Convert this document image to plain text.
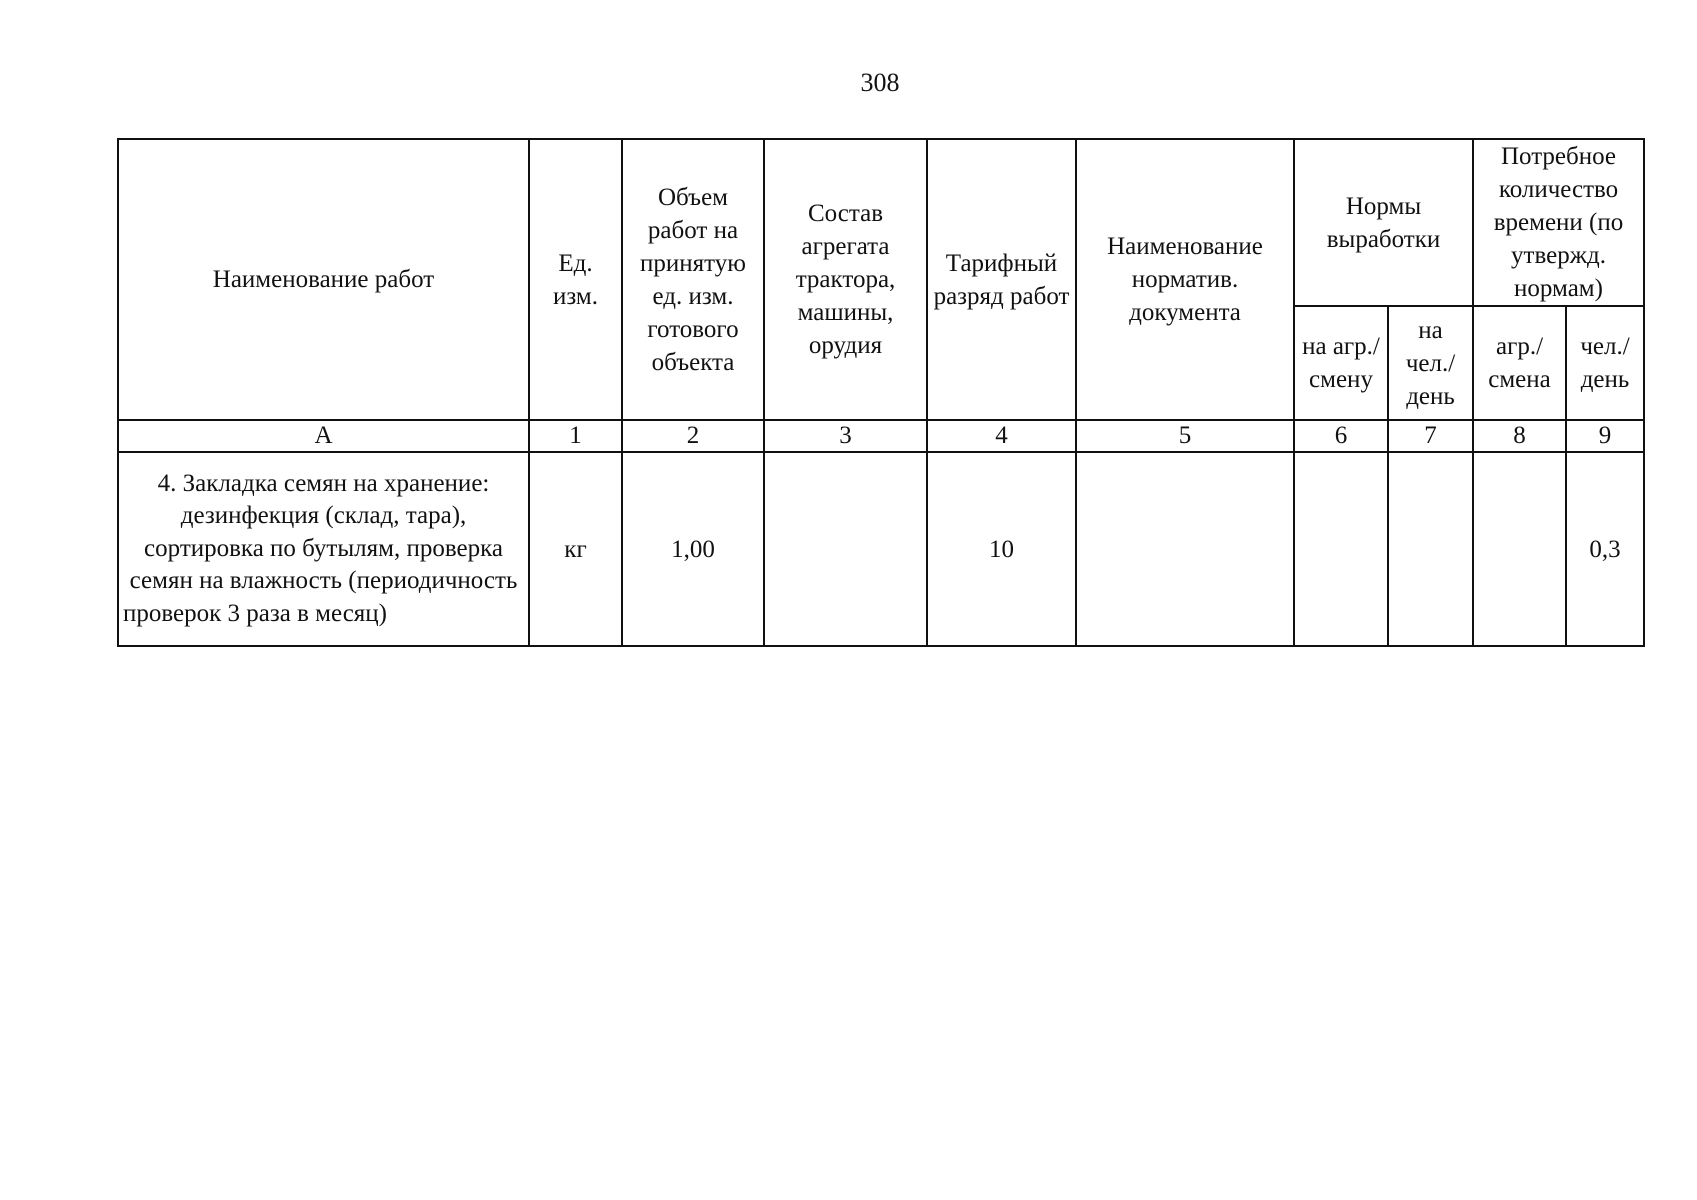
308
Наименование работ	Ед. изм.	Объем работ на принятую ед. изм. готового объекта	Состав агрегата трактора, машины, орудия	Тарифный разряд работ	Наименование норматив. документа	Нормы выработки		Потребное количество времени (по утвержд. нормам)	
						на агр./ смену	на чел./ день	агр./ смена	чел./ день
А	1	2	3	4	5	6	7	8	9
4. Закладка семян на хранение: дезинфекция (склад, тара), сортировка по бутылям, проверка семян на влажность (периодичность проверок 3 раза в месяц)	кг	1,00		10					0,3
